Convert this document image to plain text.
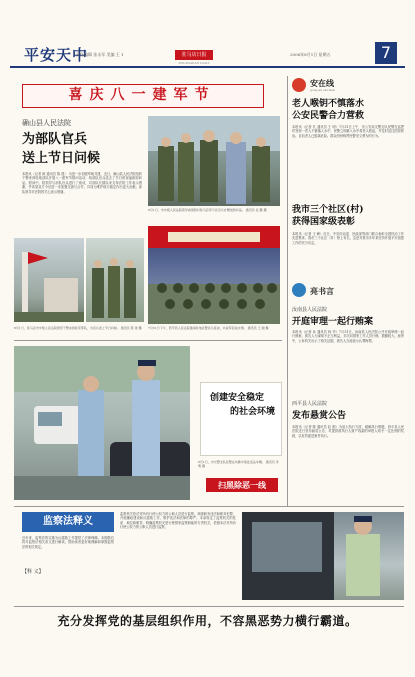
平安天中
责任编辑 张永军 美编 王 1	驻马店日报
ZHUMADIAN DAILY
2008年8月1日 星期五	7
喜庆八一建军节
确山县人民法院
为部队官兵
送上节日问候
本报讯（记者 薛 通讯员 陈 建） 为进一步加强军地共建，近日，确山县人民法院组织干警来到驻地部队开展八一建军节慰问活动，给部队官兵送去了节日的祝福和慰问品。慰问中，院领导与部队官兵进行了座谈，对部队长期以来支持法院工作表示感谢，并希望双方今后进一步加强交流与合作，共同为维护地方稳定作出更大贡献。部队领导对法院的关心表示感谢。
8月1日，市中级人民法院领导看望慰问驻马店军分区官兵并赠送慰问品。 通讯员 张 鹏 摄
8月1日，驻马店市中级人民法院组织干警来到驻军部队，为官兵送上节日问候。 通讯员 陈 建 摄	7月31日下午，西平县人民法院邀请驻地武警官兵座谈，共叙军民鱼水情。 通讯员 王 刚 摄
创建安全稳定
的社会环境
8月1日，市交警支队民警在执勤中查处违法车辆。 通讯员 李 明 摄
扫黑除恶一线
安在线
gong an zai xian
老人喉钥不慎落水
公安民警合力营救
本报讯（记者 孔 通讯员 王 明）7月31日上午，市公安局交警支队民警在巡逻时发现一老人不慎落入水中，民警立即跳入水中将老人救起，并及时送往医院救治。目前老人已脱离危险。群众纷纷称赞民警见义勇为的行为。
我市三个社区(村)
获得国家级表彰
本报讯（记者 王 峰）近日，中央综治委、民政部等部门联合表彰全国综治工作先进集体，我市三个社区（村）榜上有名，这是对我市多年来坚持开展平安创建工作的充分肯定。
亮书言
汝南县人民法院
开庭审理一起行贿案
本报讯（记者 孙 通讯员 杨 华）7月31日，汝南县人民法院公开开庭审理一起行贿案，被告人为谋取不正当利益，多次向国家工作人员行贿，数额较大。庭审中，公诉机关出示了相关证据，被告人当庭表示认罪悔罪。
西平县人民法院
发布悬赏公告
本报讯（记者 陈 通讯员 赵 刚）为加大执行力度，破解执行难题，西平县人民法院近日发布悬赏公告，对提供被执行人财产线索的举报人给予一定比例的奖励，以有效促进案件执行。
监察法释义
近年来，监察法的实施为反腐败工作提供了法律保障。本期我们将对监察法相关条文进行解读，帮助读者更好地理解和掌握监察法的相关规定。
【释 义】
监察机关依法对所有行使公权力的公职人员进行监察，调查职务违法和职务犯罪，开展廉政建设和反腐败工作，维护宪法和法律的尊严。本条规定了监察机关的性质、地位和职责，明确监察机关是行使国家监察职能的专责机关，依照本法对所有行使公权力的公职人员进行监察。
充分发挥党的基层组织作用，不容黑恶势力横行霸道。
